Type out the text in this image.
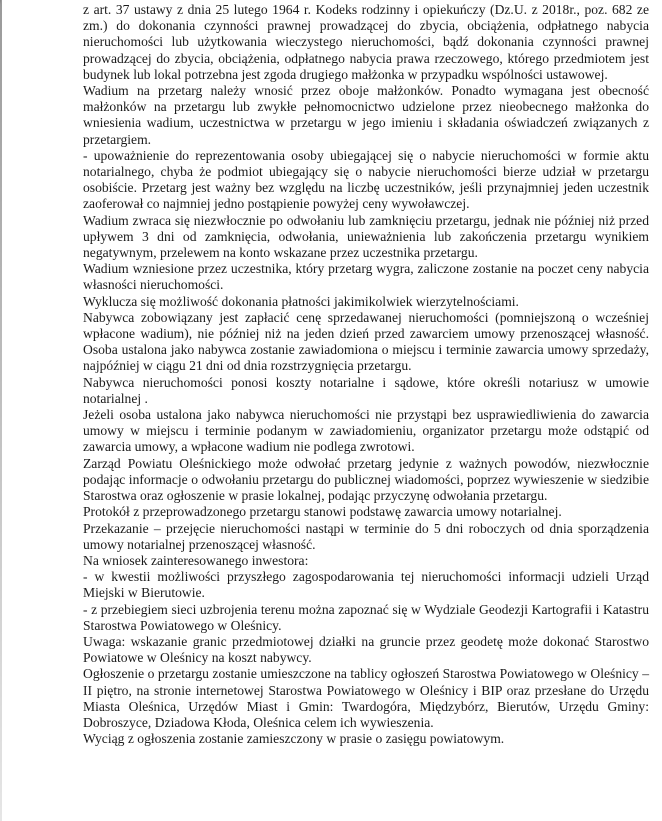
z art. 37 ustawy z dnia 25 lutego 1964 r. Kodeks rodzinny i opiekuńczy (Dz.U. z 2018r., poz. 682 ze zm.) do dokonania czynności prawnej prowadzącej do zbycia, obciążenia, odpłatnego nabycia nieruchomości lub użytkowania wieczystego nieruchomości, bądź dokonania czynności prawnej prowadzącej do zbycia, obciążenia, odpłatnego nabycia prawa rzeczowego, którego przedmiotem jest budynek lub lokal potrzebna jest zgoda drugiego małżonka w przypadku wspólności ustawowej.

Wadium na przetarg należy wnosić przez oboje małżonków. Ponadto wymagana jest obecność małżonków na przetargu lub zwykłe pełnomocnictwo udzielone przez nieobecnego małżonka do wniesienia wadium, uczestnictwa w przetargu w jego imieniu i składania oświadczeń związanych z przetargiem.

- upoważnienie do reprezentowania osoby ubiegającej się o nabycie nieruchomości w formie aktu notarialnego, chyba że podmiot ubiegający się o nabycie nieruchomości bierze udział w przetargu osobiście. Przetarg jest ważny bez względu na liczbę uczestników, jeśli przynajmniej jeden uczestnik zaoferował co najmniej jedno postąpienie powyżej ceny wywoławczej.

Wadium zwraca się niezwłocznie po odwołaniu lub zamknięciu przetargu, jednak nie później niż przed upływem 3 dni od zamknięcia, odwołania, unieważnienia lub zakończenia przetargu wynikiem negatywnym, przelewem na konto wskazane przez uczestnika przetargu.

Wadium wzniesione przez uczestnika, który przetarg wygra, zaliczone zostanie na poczet ceny nabycia własności nieruchomości.

Wyklucza się możliwość dokonania płatności jakimikolwiek wierzytelnościami.

Nabywca zobowiązany jest zapłacić cenę sprzedawanej nieruchomości (pomniejszoną o wcześniej wpłacone wadium), nie później niż na jeden dzień przed zawarciem umowy przenoszącej własność. Osoba ustalona jako nabywca zostanie zawiadomiona o miejscu i terminie zawarcia umowy sprzedaży, najpóźniej w ciągu 21 dni od dnia rozstrzygnięcia przetargu.

Nabywca nieruchomości ponosi koszty notarialne i sądowe, które określi notariusz w umowie notarialnej .

Jeżeli osoba ustalona jako nabywca nieruchomości nie przystąpi bez usprawiedliwienia do zawarcia umowy w miejscu i terminie podanym w zawiadomieniu, organizator przetargu może odstąpić od zawarcia umowy, a wpłacone wadium nie podlega zwrotowi.

Zarząd Powiatu Oleśnickiego może odwołać przetarg jedynie z ważnych powodów, niezwłocznie podając informacje o odwołaniu przetargu do publicznej wiadomości, poprzez wywieszenie w siedzibie Starostwa oraz ogłoszenie w prasie lokalnej, podając przyczynę odwołania przetargu.

Protokół z przeprowadzonego przetargu stanowi podstawę zawarcia umowy notarialnej.

Przekazanie – przejęcie nieruchomości nastąpi w terminie do 5 dni roboczych od dnia sporządzenia umowy notarialnej przenoszącej własność.

Na wniosek zainteresowanego inwestora:

- w kwestii możliwości przyszłego zagospodarowania tej nieruchomości informacji udzieli Urząd Miejski w Bierutowie.

- z przebiegiem sieci uzbrojenia terenu można zapoznać się w Wydziale Geodezji Kartografii i Katastru Starostwa Powiatowego w Oleśnicy.

Uwaga: wskazanie granic przedmiotowej działki na gruncie przez geodetę może dokonać Starostwo Powiatowe w Oleśnicy na koszt nabywcy.

Ogłoszenie o przetargu zostanie umieszczone na tablicy ogłoszeń Starostwa Powiatowego w Oleśnicy – II piętro, na stronie internetowej Starostwa Powiatowego w Oleśnicy i BIP oraz przesłane do Urzędu Miasta Oleśnica, Urzędów Miast i Gmin: Twardogóra, Międzybórz, Bierutów, Urzędu Gminy: Dobroszyce, Dziadowa Kłoda, Oleśnica celem ich wywieszenia.

Wyciąg z ogłoszenia zostanie zamieszczony w prasie o zasięgu powiatowym.
